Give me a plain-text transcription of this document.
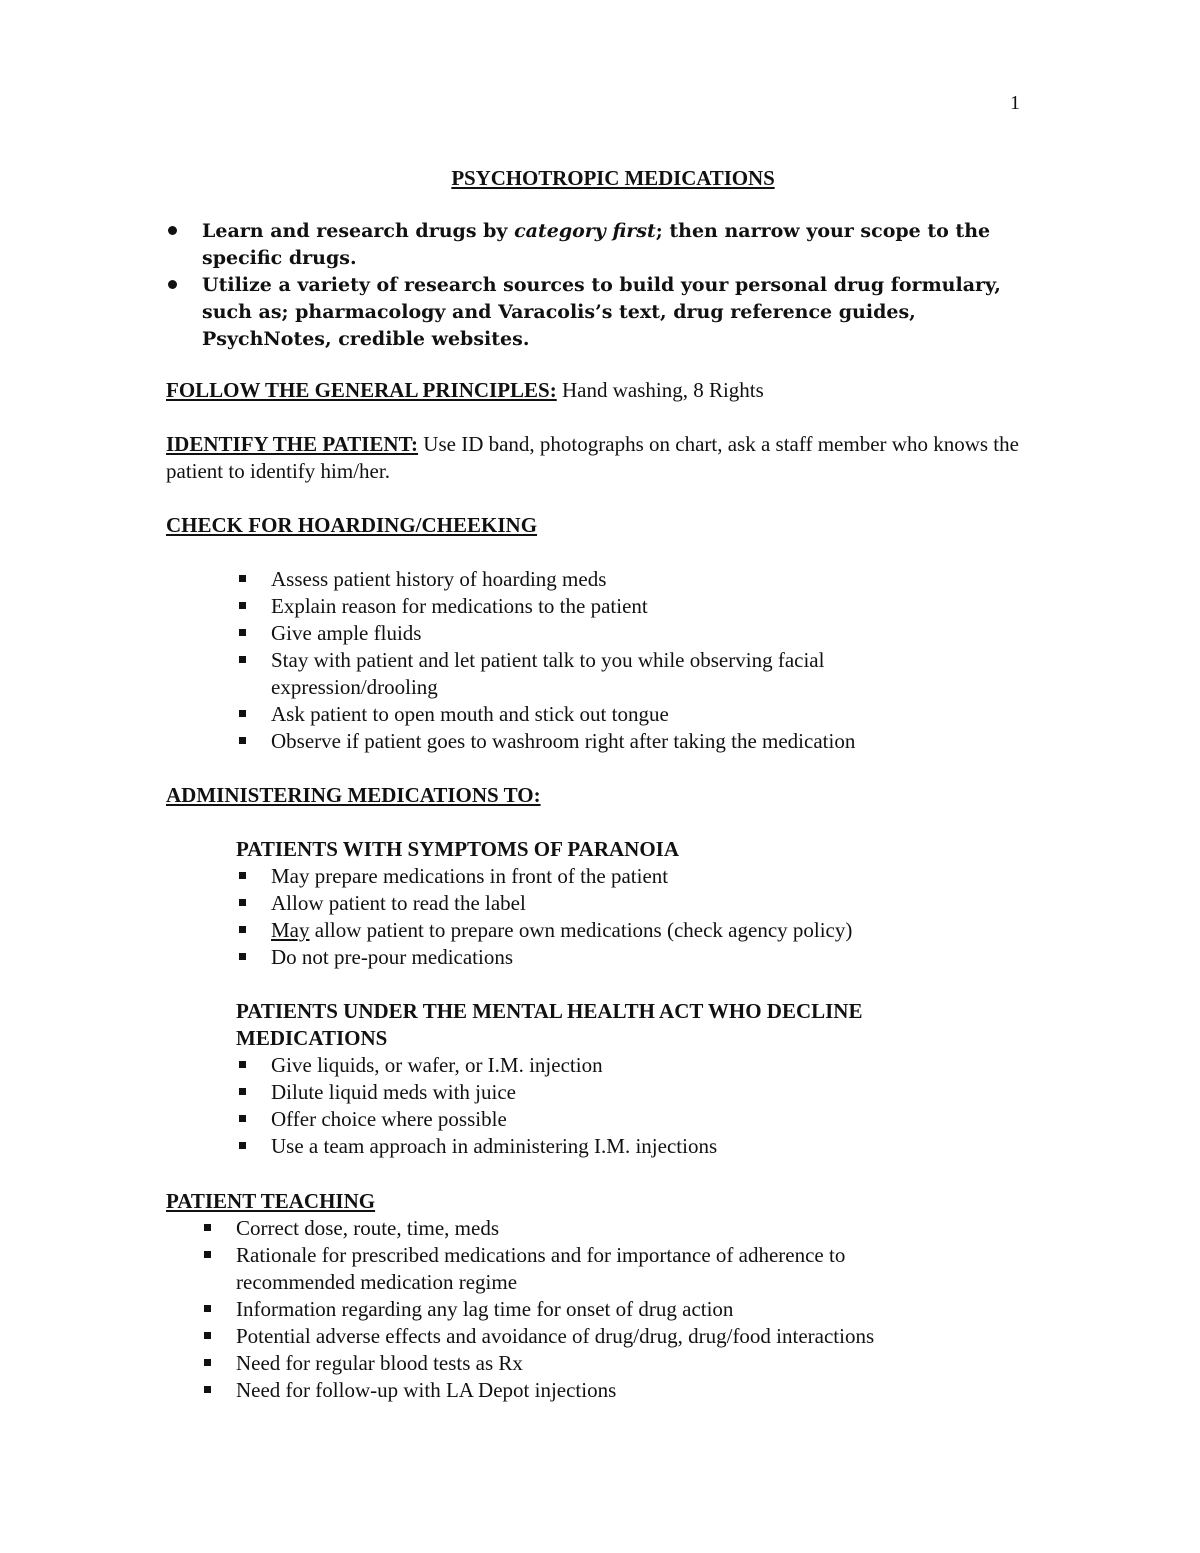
1
PSYCHOTROPIC MEDICATIONS
Learn and research drugs by category first; then narrow your scope to the specific drugs.
Utilize a variety of research sources to build your personal drug formulary, such as; pharmacology and Varacolis’s text, drug reference guides, PsychNotes, credible websites.
FOLLOW THE GENERAL PRINCIPLES: Hand washing, 8 Rights
IDENTIFY THE PATIENT: Use ID band, photographs on chart, ask a staff member who knows the patient to identify him/her.
CHECK FOR HOARDING/CHEEKING
Assess patient history of hoarding meds
Explain reason for medications to the patient
Give ample fluids
Stay with patient and let patient talk to you while observing facial expression/drooling
Ask patient to open mouth and stick out tongue
Observe if patient goes to washroom right after taking the medication
ADMINISTERING MEDICATIONS TO:
PATIENTS WITH SYMPTOMS OF PARANOIA
May prepare medications in front of the patient
Allow patient to read the label
May allow patient to prepare own medications (check agency policy)
Do not pre-pour medications
PATIENTS UNDER THE MENTAL HEALTH ACT WHO DECLINE MEDICATIONS
Give liquids, or wafer, or I.M. injection
Dilute liquid meds with juice
Offer choice where possible
Use a team approach in administering I.M. injections
PATIENT TEACHING
Correct dose, route, time, meds
Rationale for prescribed medications and for importance of adherence to recommended medication regime
Information regarding any lag time for onset of drug action
Potential adverse effects and avoidance of drug/drug, drug/food interactions
Need for regular blood tests as Rx
Need for follow-up with LA Depot injections
